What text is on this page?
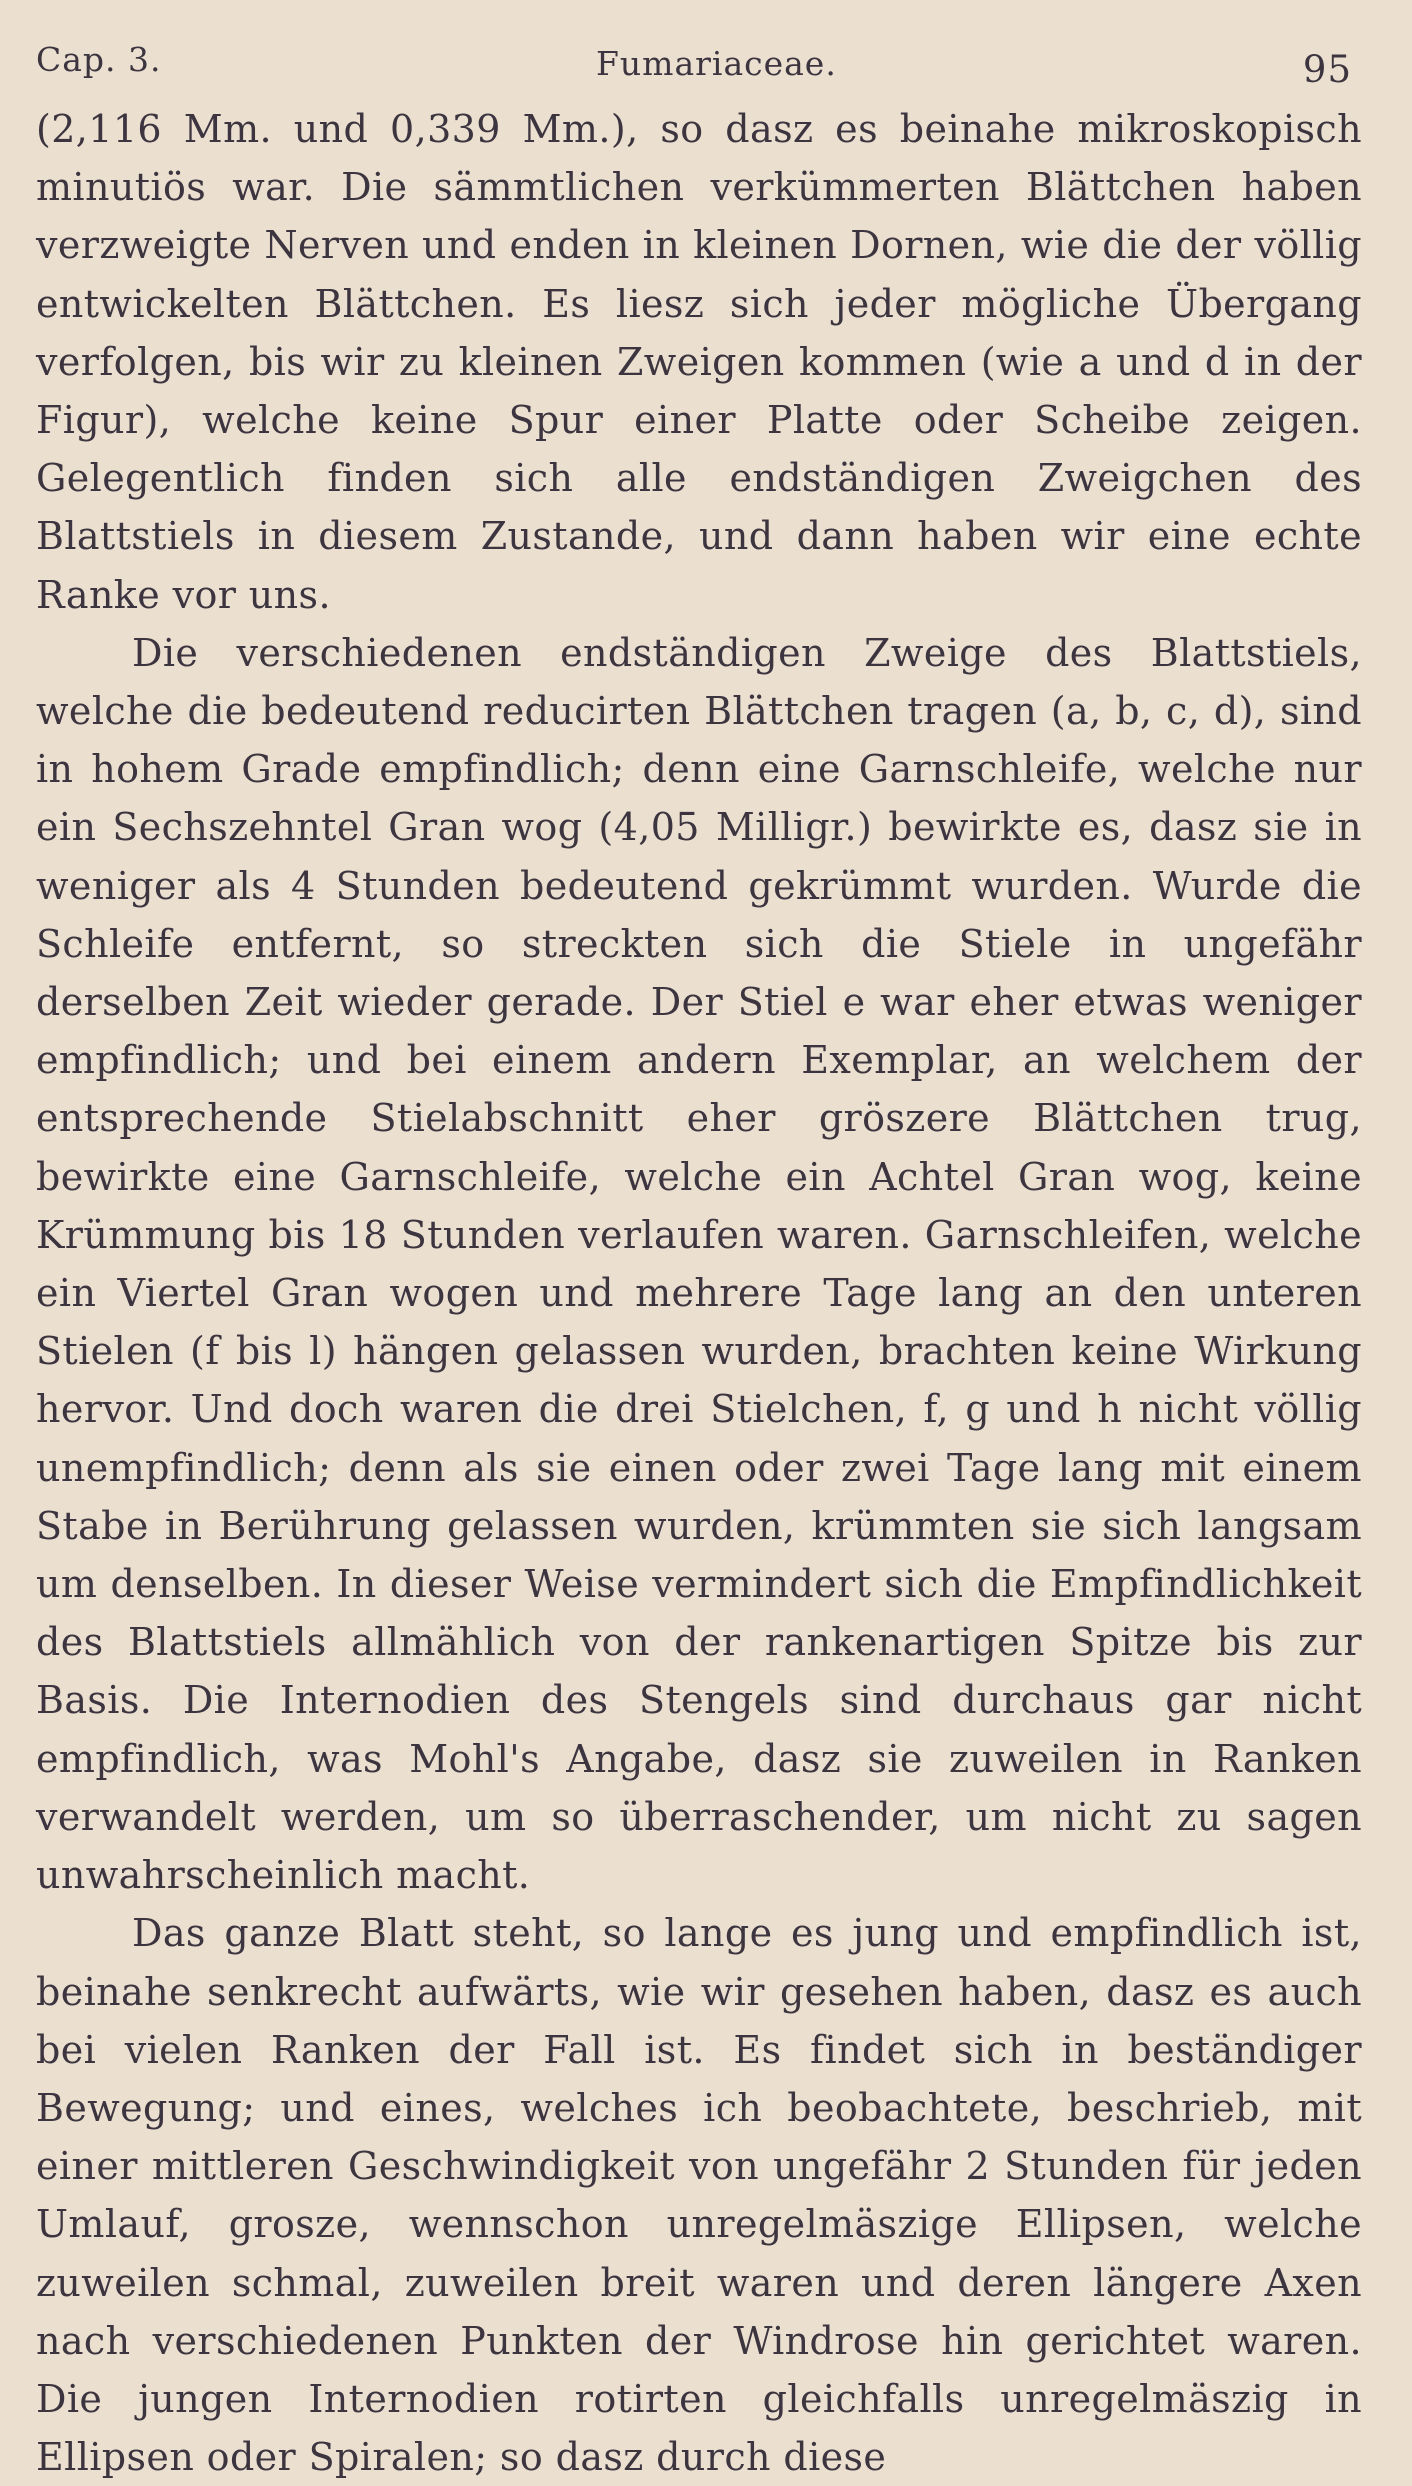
Cap. 3.	Fumariaceae.	95

(2,116 Mm. und 0,339 Mm.), so dasz es beinahe mikroskopisch minutiös war. Die sämmtlichen verkümmerten Blättchen haben verzweigte Nerven und enden in kleinen Dornen, wie die der völlig entwickelten Blättchen. Es liesz sich jeder mögliche Übergang verfolgen, bis wir zu kleinen Zweigen kommen (wie a und d in der Figur), welche keine Spur einer Platte oder Scheibe zeigen. Gelegentlich finden sich alle endständigen Zweigchen des Blattstiels in diesem Zustande, und dann haben wir eine echte Ranke vor uns.

Die verschiedenen endständigen Zweige des Blattstiels, welche die bedeutend reducirten Blättchen tragen (a, b, c, d), sind in hohem Grade empfindlich; denn eine Garnschleife, welche nur ein Sechszehntel Gran wog (4,05 Milligr.) bewirkte es, dasz sie in weniger als 4 Stunden bedeutend gekrümmt wurden. Wurde die Schleife entfernt, so streckten sich die Stiele in ungefähr derselben Zeit wieder gerade. Der Stiel e war eher etwas weniger empfindlich; und bei einem andern Exemplar, an welchem der entsprechende Stielabschnitt eher gröszere Blättchen trug, bewirkte eine Garnschleife, welche ein Achtel Gran wog, keine Krümmung bis 18 Stunden verlaufen waren. Garnschleifen, welche ein Viertel Gran wogen und mehrere Tage lang an den unteren Stielen (f bis l) hängen gelassen wurden, brachten keine Wirkung hervor. Und doch waren die drei Stielchen, f, g und h nicht völlig unempfindlich; denn als sie einen oder zwei Tage lang mit einem Stabe in Berührung gelassen wurden, krümmten sie sich langsam um denselben. In dieser Weise vermindert sich die Empfindlichkeit des Blattstiels allmählich von der rankenartigen Spitze bis zur Basis. Die Internodien des Stengels sind durchaus gar nicht empfindlich, was Mohl's Angabe, dasz sie zuweilen in Ranken verwandelt werden, um so überraschender, um nicht zu sagen unwahrscheinlich macht.

Das ganze Blatt steht, so lange es jung und empfindlich ist, beinahe senkrecht aufwärts, wie wir gesehen haben, dasz es auch bei vielen Ranken der Fall ist. Es findet sich in beständiger Bewegung; und eines, welches ich beobachtete, beschrieb, mit einer mittleren Geschwindigkeit von ungefähr 2 Stunden für jeden Umlauf, grosze, wennschon unregelmäszige Ellipsen, welche zuweilen schmal, zuweilen breit waren und deren längere Axen nach verschiedenen Punkten der Windrose hin gerichtet waren. Die jungen Internodien rotirten gleichfalls unregelmäszig in Ellipsen oder Spiralen; so dasz durch diese
